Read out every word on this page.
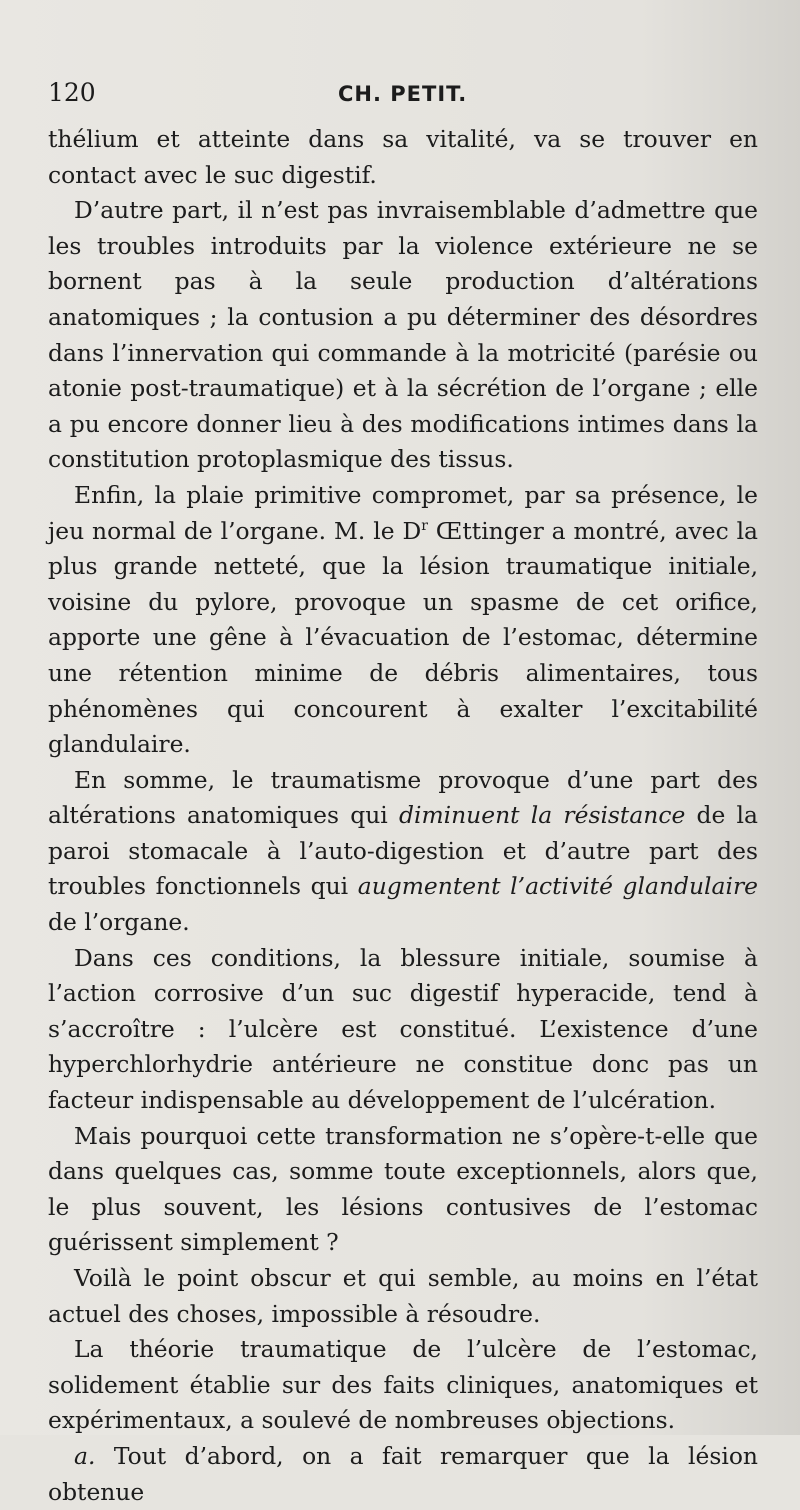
120	CH. PETIT.

thélium et atteinte dans sa vitalité, va se trouver en contact avec le suc digestif.

D’autre part, il n’est pas invraisemblable d’admettre que les troubles introduits par la violence extérieure ne se bornent pas à la seule production d’altérations anatomiques ; la contusion a pu déterminer des désordres dans l’innervation qui commande à la motricité (parésie ou atonie post-traumatique) et à la sécrétion de l’organe ; elle a pu encore donner lieu à des modifications intimes dans la constitution protoplasmique des tissus.

Enfin, la plaie primitive compromet, par sa présence, le jeu normal de l’organe. M. le $D^r$ Œttinger a montré, avec la plus grande netteté, que la lésion traumatique initiale, voisine du pylore, provoque un spasme de cet orifice, apporte une gêne à l’évacuation de l’estomac, détermine une rétention minime de débris alimentaires, tous phénomènes qui concourent à exalter l’excitabilité glandulaire.

En somme, le traumatisme provoque d’une part des altérations anatomiques qui diminuent la résistance de la paroi stomacale à l’auto-digestion et d’autre part des troubles fonctionnels qui augmentent l’activité glandulaire de l’organe.

Dans ces conditions, la blessure initiale, soumise à l’action corrosive d’un suc digestif hyperacide, tend à s’accroître : l’ulcère est constitué. L’existence d’une hyperchlorhydrie antérieure ne constitue donc pas un facteur indispensable au développement de l’ulcération.

Mais pourquoi cette transformation ne s’opère-t-elle que dans quelques cas, somme toute exceptionnels, alors que, le plus souvent, les lésions contusives de l’estomac guérissent simplement ?

Voilà le point obscur et qui semble, au moins en l’état actuel des choses, impossible à résoudre.

La théorie traumatique de l’ulcère de l’estomac, solidement établie sur des faits cliniques, anatomiques et expérimentaux, a soulevé de nombreuses objections.

a. Tout d’abord, on a fait remarquer que la lésion obtenue
